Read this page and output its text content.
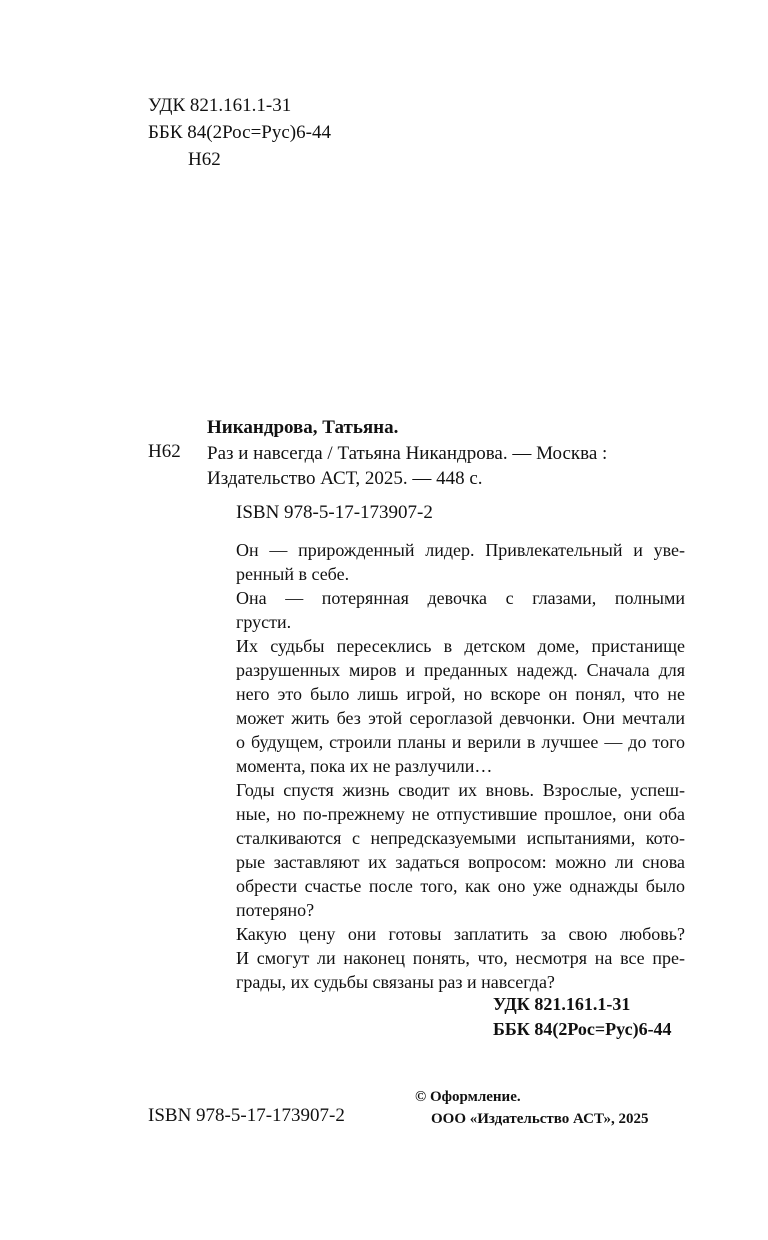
УДК 821.161.1-31
ББК 84(2Рос=Рус)6-44
Н62
Никандрова, Татьяна.
Н62 Раз и навсегда / Татьяна Никандрова. — Москва :
Издательство АСТ, 2025. — 448 с.
ISBN 978-5-17-173907-2

Он — прирожденный лидер. Привлекательный и уве-
ренный в себе.

Она — потерянная девочка с глазами, полными
грусти.

Их судьбы пересеклись в детском доме, пристанище
разрушенных миров и преданных надежд. Сначала для
него это было лишь игрой, но вскоре он понял, что не
может жить без этой сероглазой девчонки. Они мечтали
о будущем, строили планы и верили в лучшее — до того
момента, пока их не разлучили…

Годы спустя жизнь сводит их вновь. Взрослые, успеш-
ные, но по-прежнему не отпустившие прошлое, они оба
сталкиваются с непредсказуемыми испытаниями, кото-
рые заставляют их задаться вопросом: можно ли снова
обрести счастье после того, как оно уже однажды было
потеряно?

Какую цену они готовы заплатить за свою любовь?
И смогут ли наконец понять, что, несмотря на все пре-
грады, их судьбы связаны раз и навсегда?

УДК 821.161.1-31
ББК 84(2Рос=Рус)6-44
ISBN 978-5-17-173907-2
© Оформление.
ООО «Издательство АСТ», 2025
